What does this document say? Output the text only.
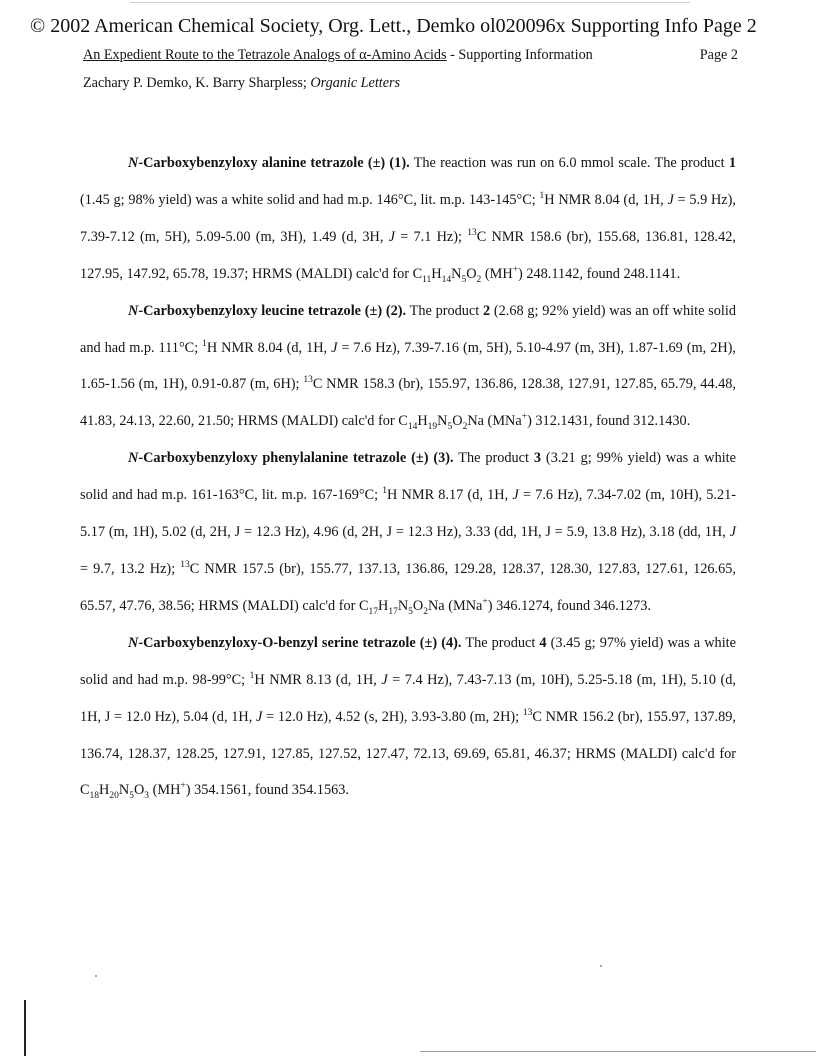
© 2002 American Chemical Society, Org. Lett., Demko ol020096x Supporting Info Page 2
An Expedient Route to the Tetrazole Analogs of α-Amino Acids - Supporting Information	Page 2
Zachary P. Demko, K. Barry Sharpless; Organic Letters

N-Carboxybenzyloxy alanine tetrazole (±) (1). The reaction was run on 6.0 mmol scale. The product 1 (1.45 g; 98% yield) was a white solid and had m.p. 146°C, lit. m.p. 143-145°C; $^1$H NMR 8.04 (d, 1H, J = 5.9 Hz), 7.39-7.12 (m, 5H), 5.09-5.00 (m, 3H), 1.49 (d, 3H, J = 7.1 Hz); $^{13}$C NMR 158.6 (br), 155.68, 136.81, 128.42, 127.95, 147.92, 65.78, 19.37; HRMS (MALDI) calc'd for $C_{11}H_{14}N_5O_2$ (MH+) 248.1142, found 248.1141.

N-Carboxybenzyloxy leucine tetrazole (±) (2). The product 2 (2.68 g; 92% yield) was an off white solid and had m.p. 111°C; $^1$H NMR 8.04 (d, 1H, J = 7.6 Hz), 7.39-7.16 (m, 5H), 5.10-4.97 (m, 3H), 1.87-1.69 (m, 2H), 1.65-1.56 (m, 1H), 0.91-0.87 (m, 6H); $^{13}$C NMR 158.3 (br), 155.97, 136.86, 128.38, 127.91, 127.85, 65.79, 44.48, 41.83, 24.13, 22.60, 21.50; HRMS (MALDI) calc'd for $C_{14}H_{19}N_5O_2Na$ (MNa+) 312.1431, found 312.1430.

N-Carboxybenzyloxy phenylalanine tetrazole (±) (3). The product 3 (3.21 g; 99% yield) was a white solid and had m.p. 161-163°C, lit. m.p. 167-169°C; $^1$H NMR 8.17 (d, 1H, J = 7.6 Hz), 7.34-7.02 (m, 10H), 5.21-5.17 (m, 1H), 5.02 (d, 2H, J = 12.3 Hz), 4.96 (d, 2H, J = 12.3 Hz), 3.33 (dd, 1H, J = 5.9, 13.8 Hz), 3.18 (dd, 1H, J = 9.7, 13.2 Hz); $^{13}$C NMR 157.5 (br), 155.77, 137.13, 136.86, 129.28, 128.37, 128.30, 127.83, 127.61, 126.65, 65.57, 47.76, 38.56; HRMS (MALDI) calc'd for $C_{17}H_{17}N_5O_2Na$ (MNa+) 346.1274, found 346.1273.

N-Carboxybenzyloxy-O-benzyl serine tetrazole (±) (4). The product 4 (3.45 g; 97% yield) was a white solid and had m.p. 98-99°C; $^1$H NMR 8.13 (d, 1H, J = 7.4 Hz), 7.43-7.13 (m, 10H), 5.25-5.18 (m, 1H), 5.10 (d, 1H, J = 12.0 Hz), 5.04 (d, 1H, J = 12.0 Hz), 4.52 (s, 2H), 3.93-3.80 (m, 2H); $^{13}$C NMR 156.2 (br), 155.97, 137.89, 136.74, 128.37, 128.25, 127.91, 127.85, 127.52, 127.47, 72.13, 69.69, 65.81, 46.37; HRMS (MALDI) calc'd for $C_{18}H_{20}N_5O_3$ (MH+) 354.1561, found 354.1563.
